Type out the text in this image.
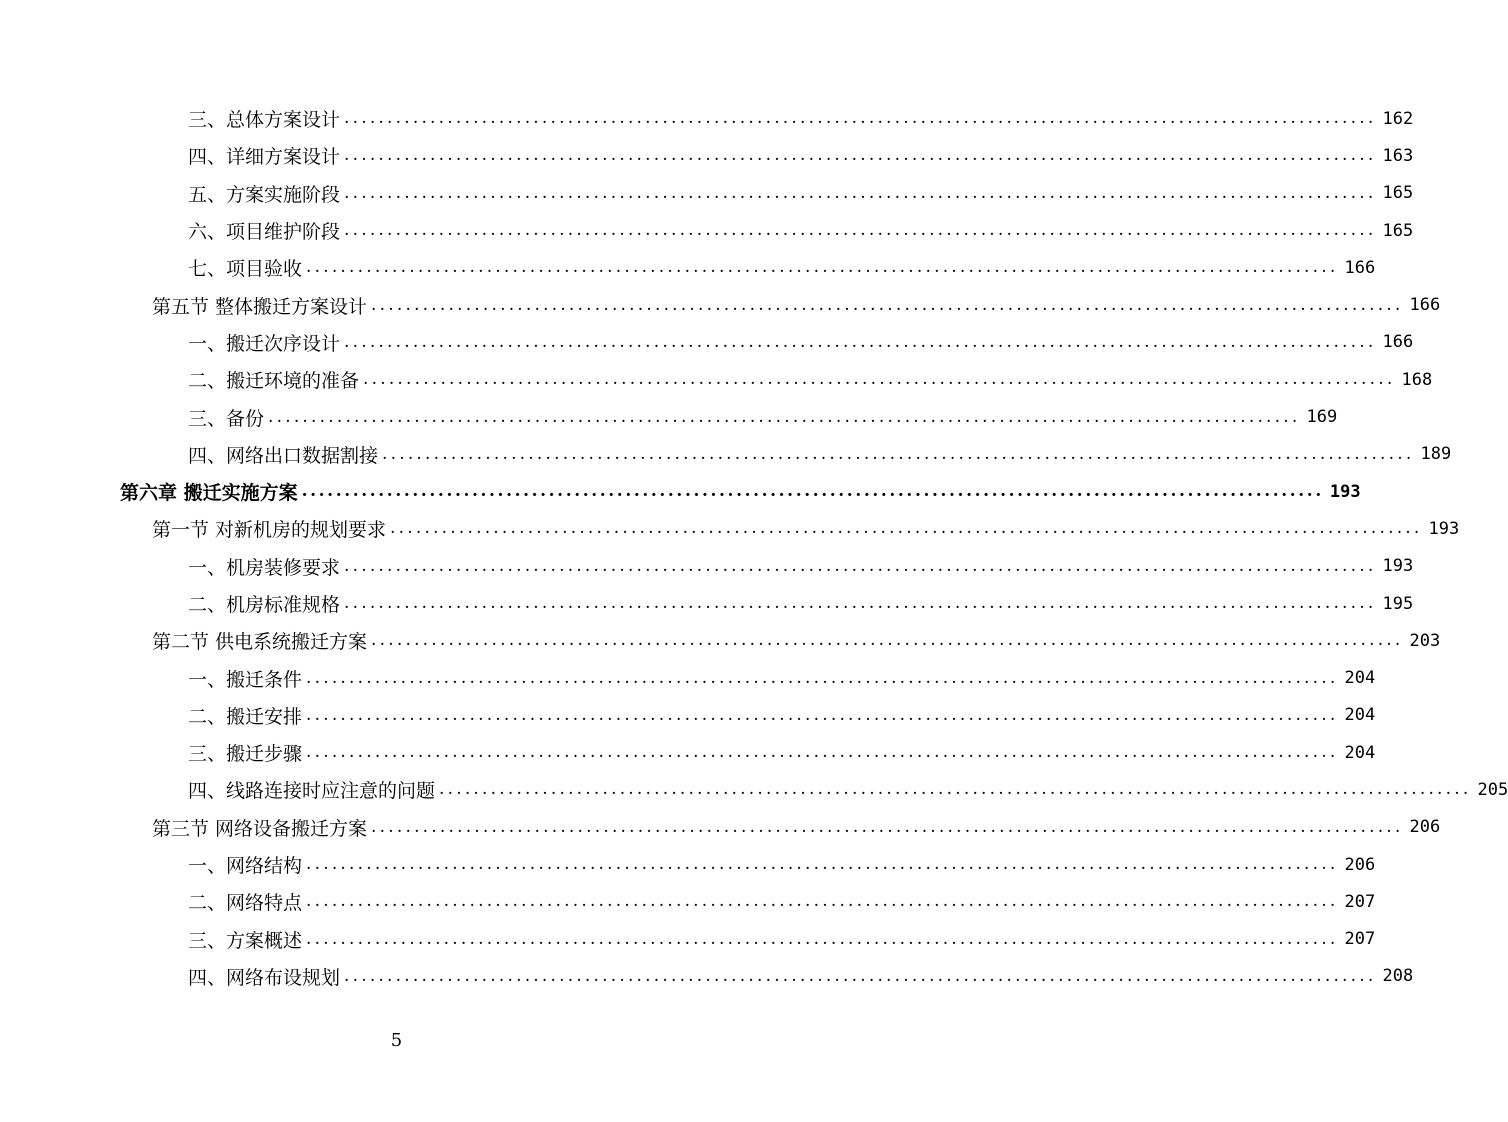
三、总体方案设计 ........................................................................................................................ 162
四、详细方案设计 ........................................................................................................................ 163
五、方案实施阶段 ........................................................................................................................ 165
六、项目维护阶段 ........................................................................................................................ 165
七、项目验收 ........................................................................................................................ 166
第五节 整体搬迁方案设计 ........................................................................................................................ 166
一、搬迁次序设计 ........................................................................................................................ 166
二、搬迁环境的准备 ........................................................................................................................ 168
三、备份 ........................................................................................................................ 169
四、网络出口数据割接 ........................................................................................................................ 189
第六章 搬迁实施方案 ........................................................................................................................ 193
第一节 对新机房的规划要求 ........................................................................................................................ 193
一、机房装修要求 ........................................................................................................................ 193
二、机房标准规格 ........................................................................................................................ 195
第二节 供电系统搬迁方案 ........................................................................................................................ 203
一、搬迁条件 ........................................................................................................................ 204
二、搬迁安排 ........................................................................................................................ 204
三、搬迁步骤 ........................................................................................................................ 204
四、线路连接时应注意的问题 ........................................................................................................................ 205
第三节 网络设备搬迁方案 ........................................................................................................................ 206
一、网络结构 ........................................................................................................................ 206
二、网络特点 ........................................................................................................................ 207
三、方案概述 ........................................................................................................................ 207
四、网络布设规划 ........................................................................................................................ 208
5
